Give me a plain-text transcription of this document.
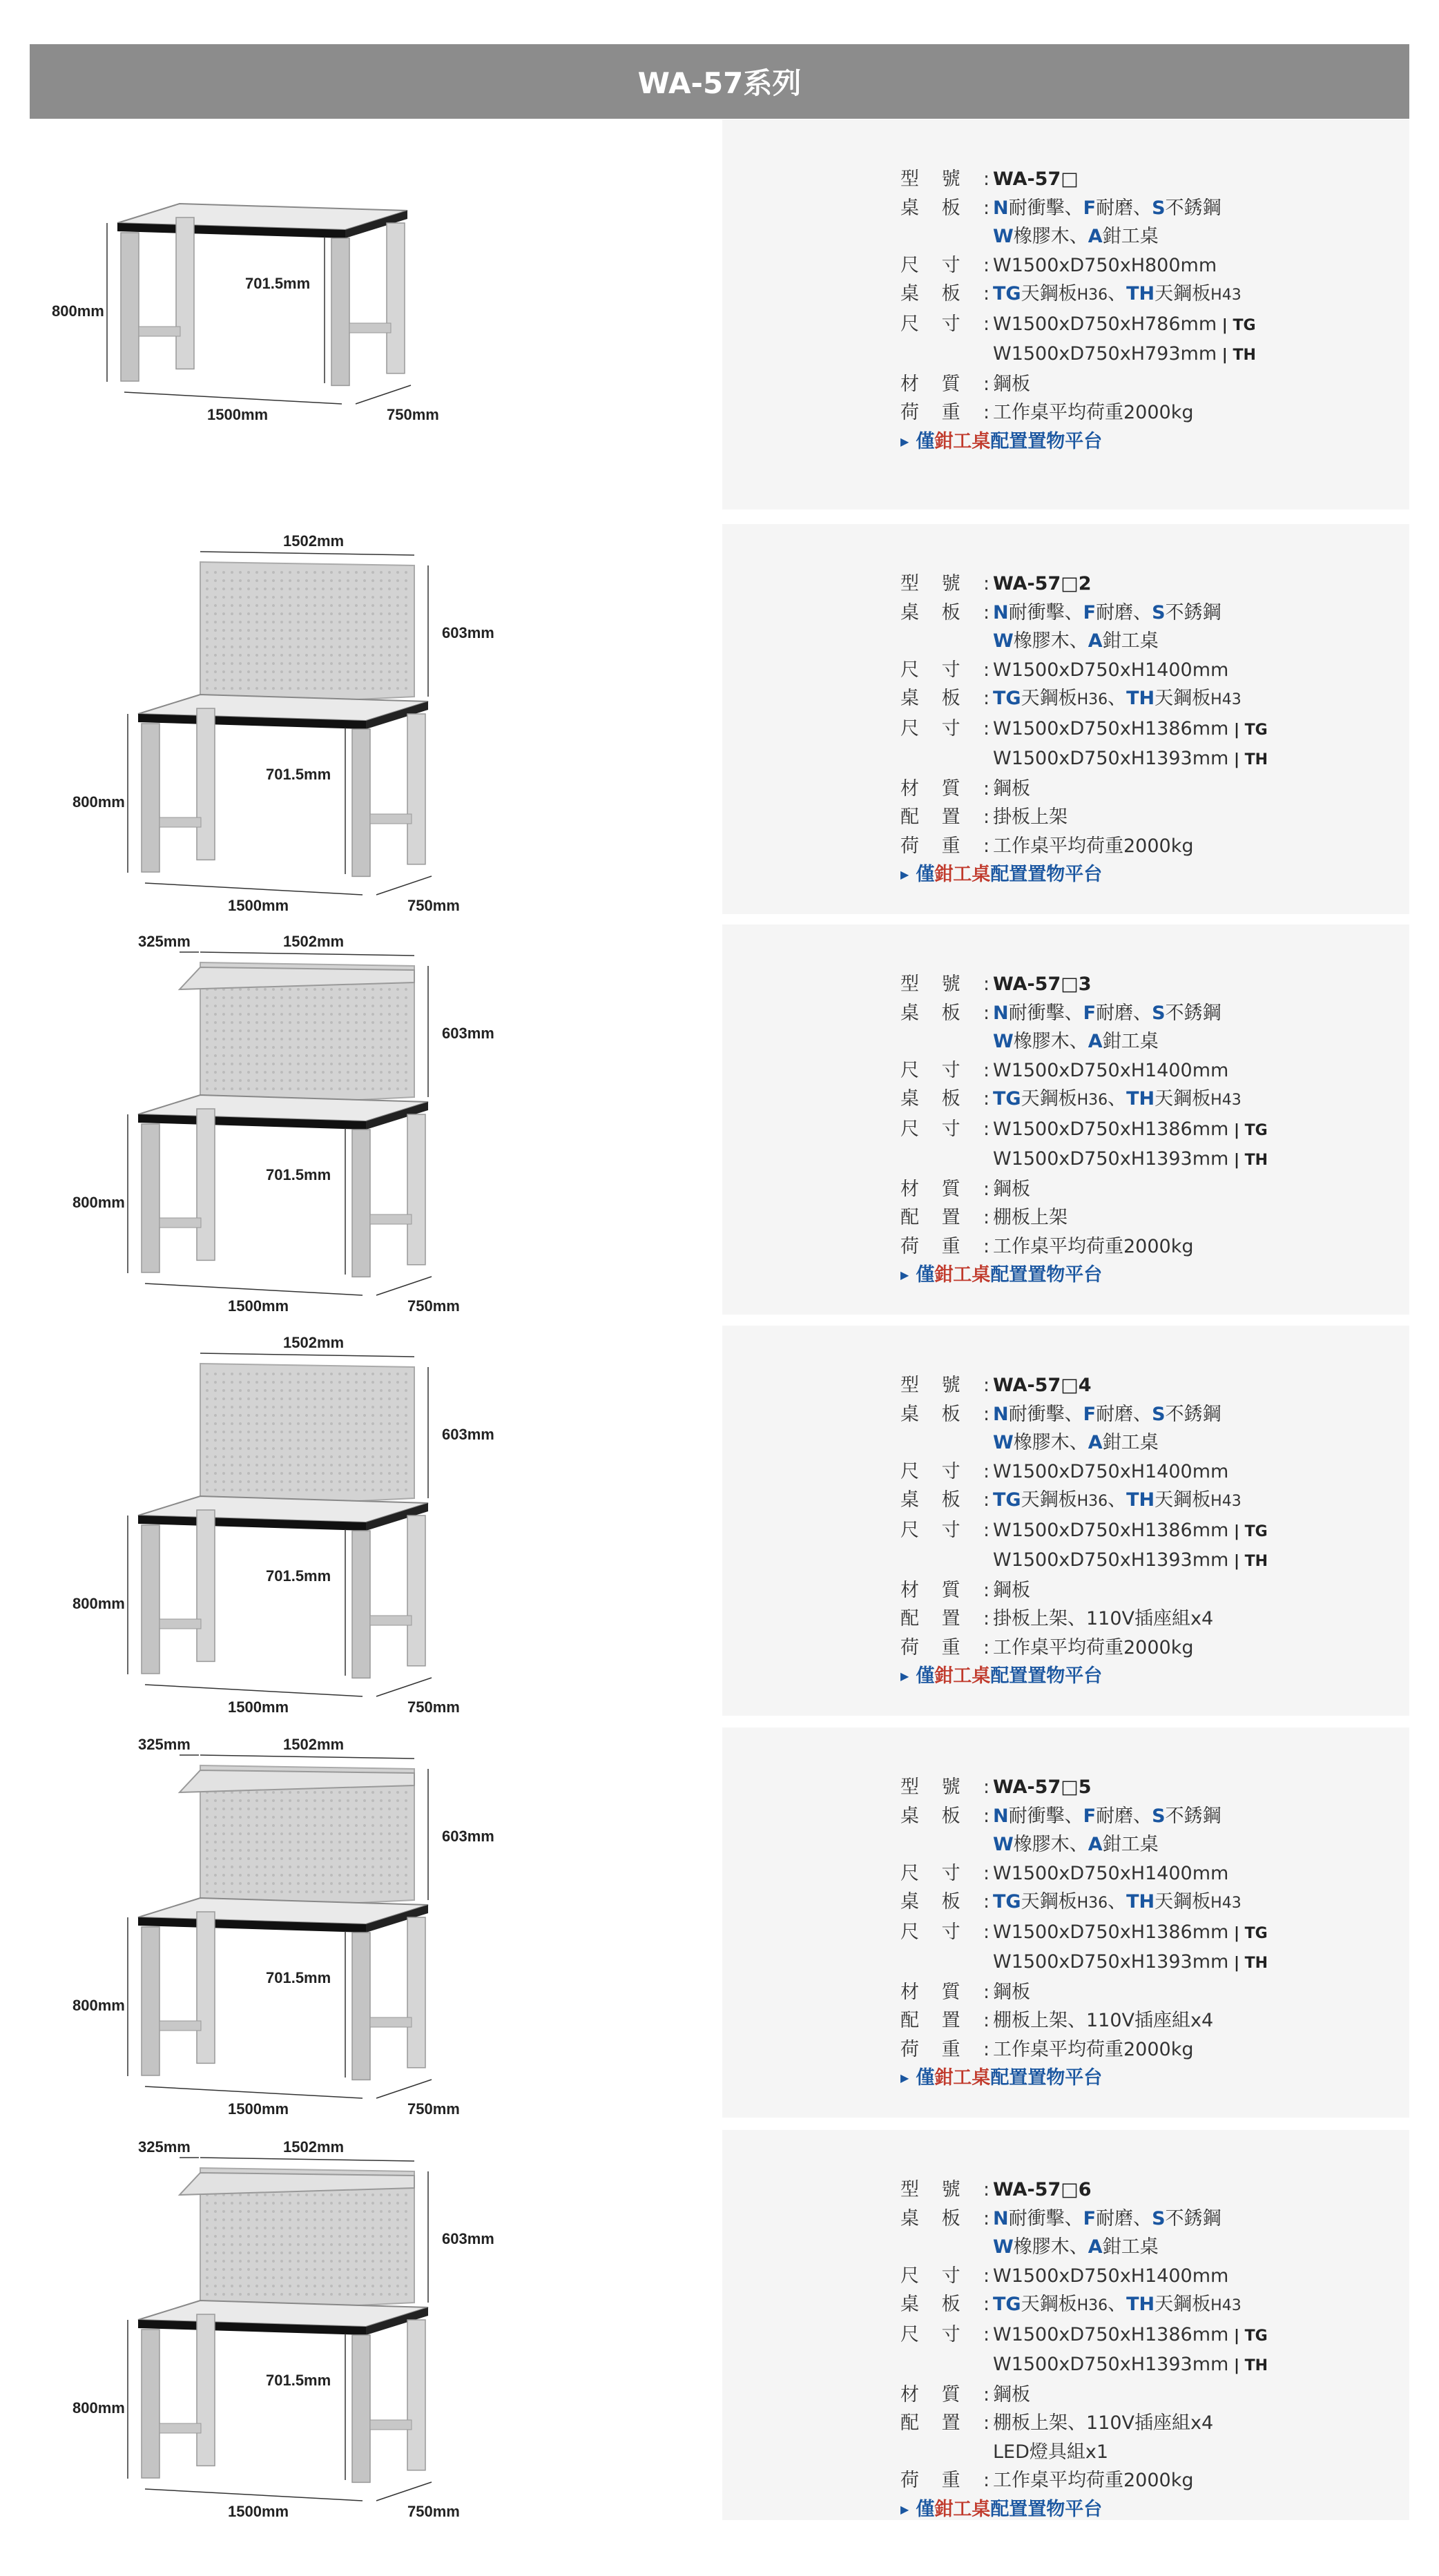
WA-57系列
800mm
701.5mm
1500mm	750mm
型 號 : WA-57□
桌 板 : N耐衝擊、F耐磨、S不銹鋼
W橡膠木、A鉗工桌
尺 寸 : W1500xD750xH800mm
桌 板 : TG天鋼板H36、TH天鋼板H43
尺 寸 : W1500xD750xH786mm | TG
W1500xD750xH793mm | TH
材 質 : 鋼板
荷 重 : 工作桌平均荷重2000kg
▶ 僅 鉗工桌 配置 置物平台
800mm
701.5mm
1500mm	750mm
1502mm
603mm
型 號 : WA-57□2
桌 板 : N耐衝擊、F耐磨、S不銹鋼
W橡膠木、A鉗工桌
尺 寸 : W1500xD750xH1400mm
桌 板 : TG天鋼板H36、TH天鋼板H43
尺 寸 : W1500xD750xH1386mm | TG
W1500xD750xH1393mm | TH
材 質 : 鋼板
配 置 : 掛板上架
荷 重 : 工作桌平均荷重2000kg
▶ 僅 鉗工桌 配置 置物平台
800mm
701.5mm
1500mm	750mm
1502mm
603mm
325mm
型 號 : WA-57□3
桌 板 : N耐衝擊、F耐磨、S不銹鋼
W橡膠木、A鉗工桌
尺 寸 : W1500xD750xH1400mm
桌 板 : TG天鋼板H36、TH天鋼板H43
尺 寸 : W1500xD750xH1386mm | TG
W1500xD750xH1393mm | TH
材 質 : 鋼板
配 置 : 棚板上架
荷 重 : 工作桌平均荷重2000kg
▶ 僅 鉗工桌 配置 置物平台
800mm
701.5mm
1500mm	750mm
1502mm
603mm
型 號 : WA-57□4
桌 板 : N耐衝擊、F耐磨、S不銹鋼
W橡膠木、A鉗工桌
尺 寸 : W1500xD750xH1400mm
桌 板 : TG天鋼板H36、TH天鋼板H43
尺 寸 : W1500xD750xH1386mm | TG
W1500xD750xH1393mm | TH
材 質 : 鋼板
配 置 : 掛板上架、110V插座組x4
荷 重 : 工作桌平均荷重2000kg
▶ 僅 鉗工桌 配置 置物平台
800mm
701.5mm
1500mm	750mm
1502mm
603mm
325mm
型 號 : WA-57□5
桌 板 : N耐衝擊、F耐磨、S不銹鋼
W橡膠木、A鉗工桌
尺 寸 : W1500xD750xH1400mm
桌 板 : TG天鋼板H36、TH天鋼板H43
尺 寸 : W1500xD750xH1386mm | TG
W1500xD750xH1393mm | TH
材 質 : 鋼板
配 置 : 棚板上架、110V插座組x4
荷 重 : 工作桌平均荷重2000kg
▶ 僅 鉗工桌 配置 置物平台
800mm
701.5mm
1500mm	750mm
1502mm
603mm
325mm
型 號 : WA-57□6
桌 板 : N耐衝擊、F耐磨、S不銹鋼
W橡膠木、A鉗工桌
尺 寸 : W1500xD750xH1400mm
桌 板 : TG天鋼板H36、TH天鋼板H43
尺 寸 : W1500xD750xH1386mm | TG
W1500xD750xH1393mm | TH
材 質 : 鋼板
配 置 : 棚板上架、110V插座組x4
LED燈具組x1
荷 重 : 工作桌平均荷重2000kg
▶ 僅 鉗工桌 配置 置物平台
